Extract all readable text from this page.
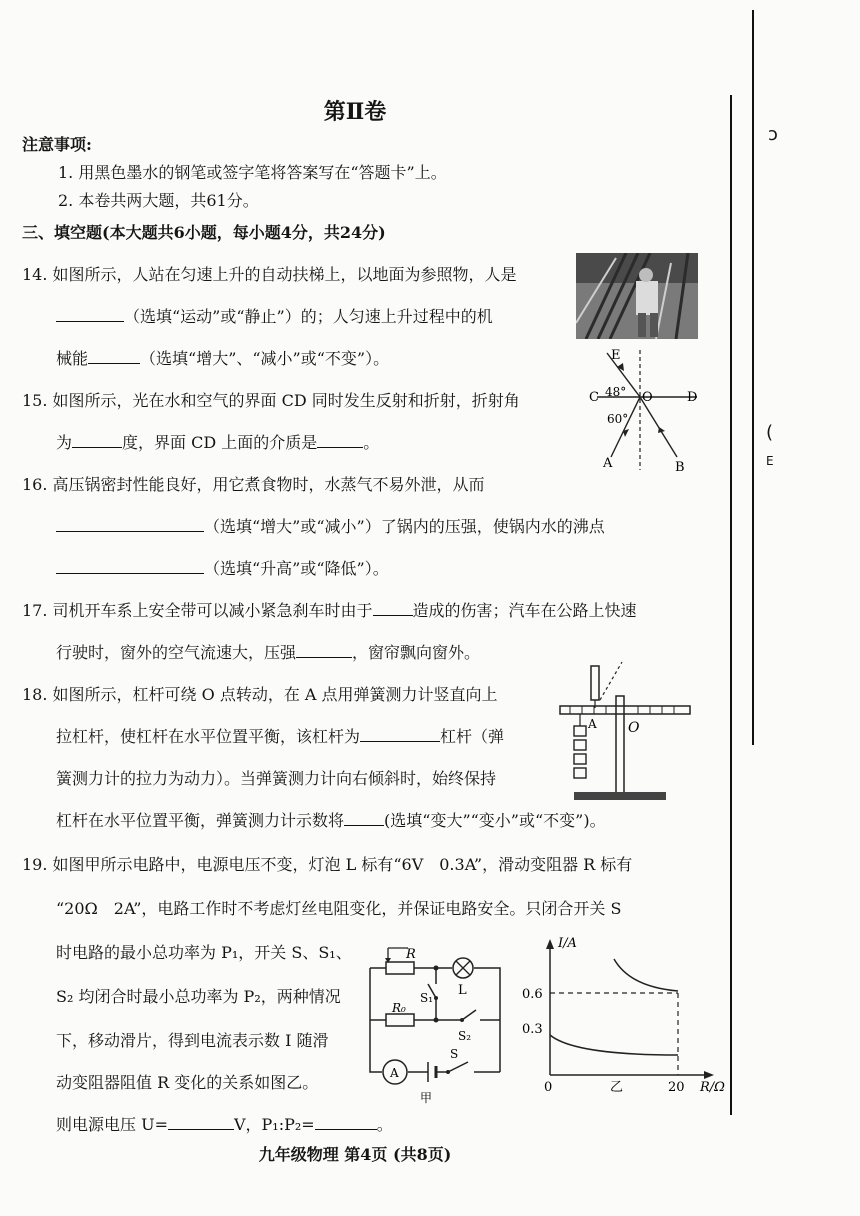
第Ⅱ卷
注意事项:
1. 用黑色墨水的钢笔或签字笔将答案写在“答题卡”上。
2. 本卷共两大题，共61分。
三、填空题(本大题共6小题，每小题4分，共24分)
14. 如图所示，人站在匀速上升的自动扶梯上，以地面为参照物，人是
（选填“运动”或“静止”）的；人匀速上升过程中的机
械能	（选填“增大”、“减小”或“不变”）。
15. 如图所示，光在水和空气的界面 CD 同时发生反射和折射，折射角
为	度，界面 CD 上面的介质是	。
E
C	O	D
A	B
48°
60°
16. 高压锅密封性能良好，用它煮食物时，水蒸气不易外泄，从而
（选填“增大”或“减小”）了锅内的压强，使锅内水的沸点
（选填“升高”或“降低”）。
17. 司机开车系上安全带可以减小紧急刹车时由于	造成的伤害；汽车在公路上快速
行驶时，窗外的空气流速大，压强	，窗帘飘向窗外。
18. 如图所示，杠杆可绕 O 点转动，在 A 点用弹簧测力计竖直向上
拉杠杆，使杠杆在水平位置平衡，该杠杆为	杠杆（弹
簧测力计的拉力为动力）。当弹簧测力计向右倾斜时，始终保持
杠杆在水平位置平衡，弹簧测力计示数将	(选填“变大”“变小”或“不变”)。
A O
19. 如图甲所示电路中，电源电压不变，灯泡 L 标有“6V　0.3A”，滑动变阻器 R 标有
“20Ω　2A”，电路工作时不考虑灯丝电阻变化，并保证电路安全。只闭合开关 S
时电路的最小总功率为 P₁，开关 S、S₁、
S₂ 均闭合时最小总功率为 P₂，两种情况
下，移动滑片，得到电流表示数 I 随滑
动变阻器阻值 R 变化的关系如图乙。
则电源电压 U=	V，P₁:P₂=	。
R
R₀
L
S₁
S₂
A
S
甲
I/A
0.6
0.3
0	20 R/Ω
乙
九年级物理 第4页 (共8页)
ɔ
(
E
